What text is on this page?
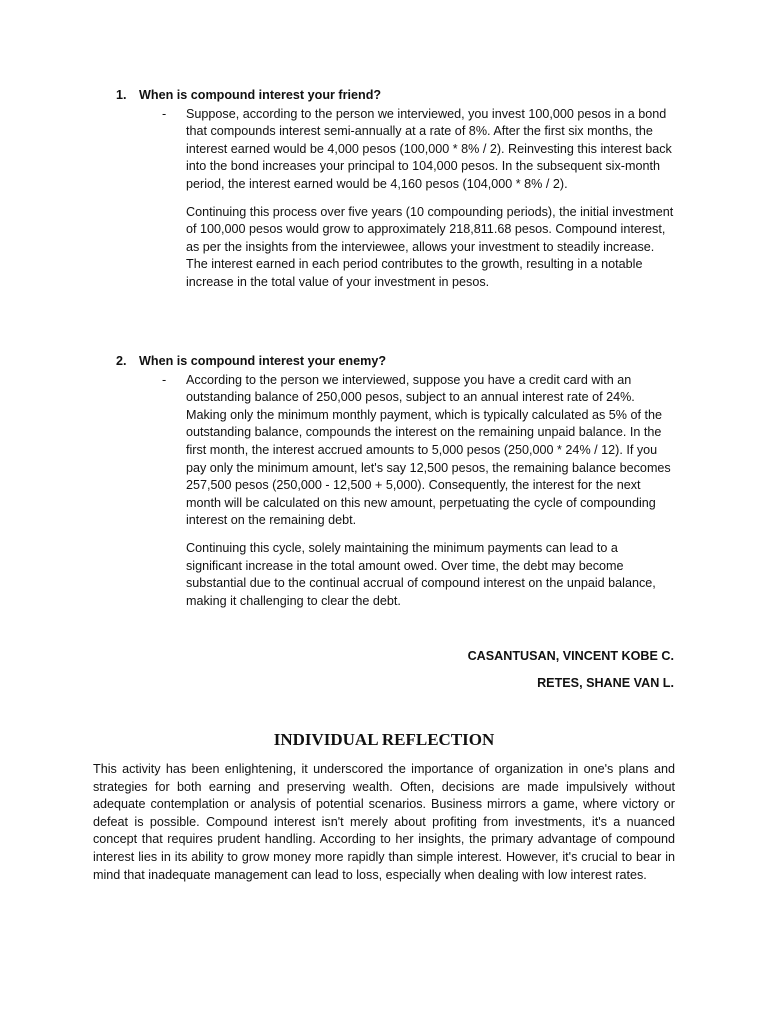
1. When is compound interest your friend?
- Suppose, according to the person we interviewed, you invest 100,000 pesos in a bond that compounds interest semi-annually at a rate of 8%. After the first six months, the interest earned would be 4,000 pesos (100,000 * 8% / 2). Reinvesting this interest back into the bond increases your principal to 104,000 pesos. In the subsequent six-month period, the interest earned would be 4,160 pesos (104,000 * 8% / 2).

Continuing this process over five years (10 compounding periods), the initial investment of 100,000 pesos would grow to approximately 218,811.68 pesos. Compound interest, as per the insights from the interviewee, allows your investment to steadily increase. The interest earned in each period contributes to the growth, resulting in a notable increase in the total value of your investment in pesos.

2. When is compound interest your enemy?
- According to the person we interviewed, suppose you have a credit card with an outstanding balance of 250,000 pesos, subject to an annual interest rate of 24%. Making only the minimum monthly payment, which is typically calculated as 5% of the outstanding balance, compounds the interest on the remaining unpaid balance. In the first month, the interest accrued amounts to 5,000 pesos (250,000 * 24% / 12). If you pay only the minimum amount, let's say 12,500 pesos, the remaining balance becomes 257,500 pesos (250,000 - 12,500 + 5,000). Consequently, the interest for the next month will be calculated on this new amount, perpetuating the cycle of compounding interest on the remaining debt.

Continuing this cycle, solely maintaining the minimum payments can lead to a significant increase in the total amount owed. Over time, the debt may become substantial due to the continual accrual of compound interest on the unpaid balance, making it challenging to clear the debt.

CASANTUSAN, VINCENT KOBE C.
RETES, SHANE VAN L.
INDIVIDUAL REFLECTION

This activity has been enlightening, it underscored the importance of organization in one's plans and strategies for both earning and preserving wealth. Often, decisions are made impulsively without adequate contemplation or analysis of potential scenarios. Business mirrors a game, where victory or defeat is possible. Compound interest isn't merely about profiting from investments, it's a nuanced concept that requires prudent handling. According to her insights, the primary advantage of compound interest lies in its ability to grow money more rapidly than simple interest. However, it's crucial to bear in mind that inadequate management can lead to loss, especially when dealing with low interest rates.
